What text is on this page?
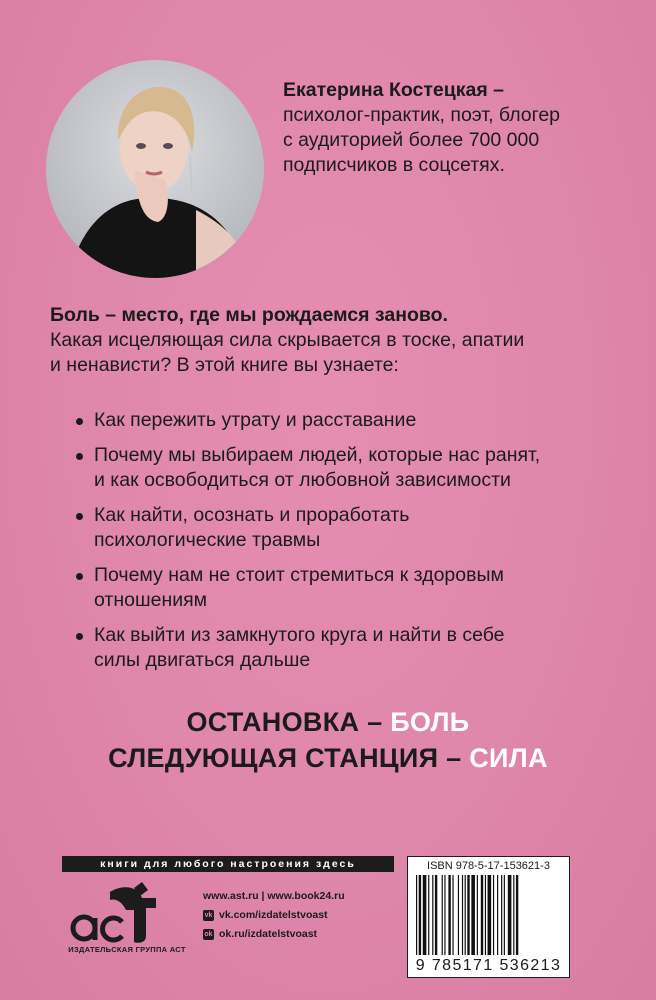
Екатерина Костецкая –
психолог-практик, поэт, блогер
с аудиторией более 700 000
подписчиков в соцсетях.
Боль – место, где мы рождаемся заново.
Какая исцеляющая сила скрывается в тоске, апатии
и ненависти? В этой книге вы узнаете:
Как пережить утрату и расставание
Почему мы выбираем людей, которые нас ранят,
и как освободиться от любовной зависимости
Как найти, осознать и проработать
психологические травмы
Почему нам не стоит стремиться к здоровым
отношениям
Как выйти из замкнутого круга и найти в себе
силы двигаться дальше
ОСТАНОВКА – БОЛЬ
СЛЕДУЮЩАЯ СТАНЦИЯ – СИЛА
книги для любого настроения здесь
ИЗДАТЕЛЬСКАЯ ГРУППА АСТ
www.ast.ru | www.book24.ru
vk vk.com/izdatelstvoast
ok ok.ru/izdatelstvoast
ISBN 978-5-17-153621-3
9 785171 536213
